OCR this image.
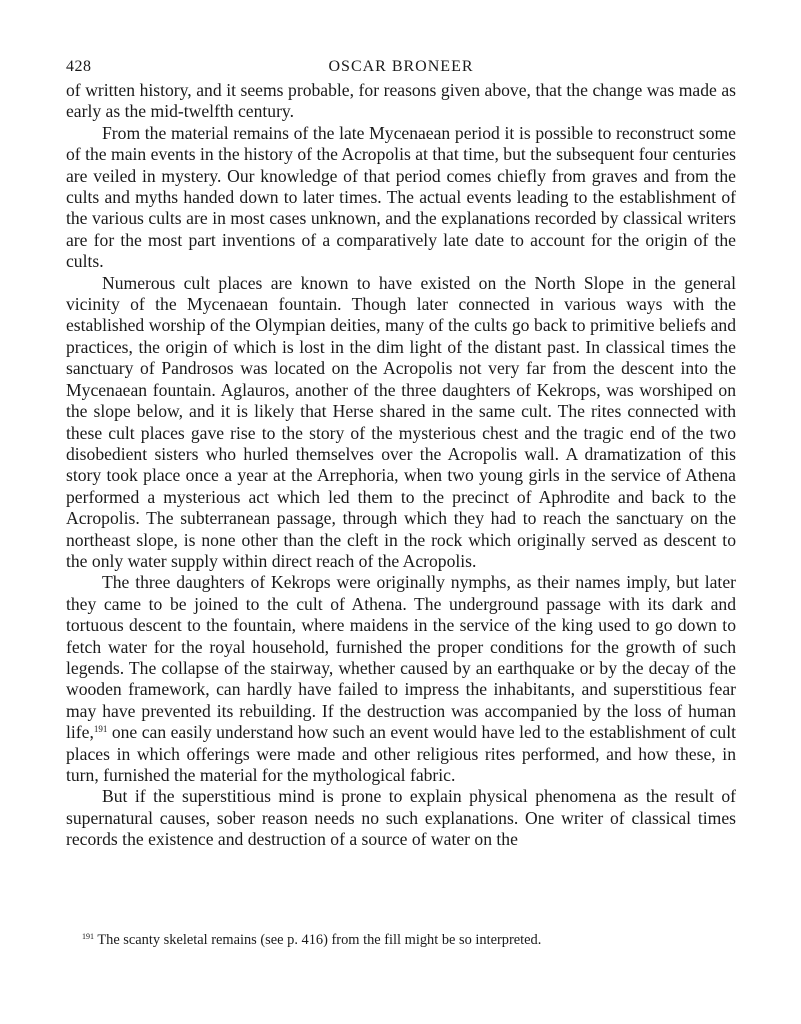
428	OSCAR BRONEER

of written history, and it seems probable, for reasons given above, that the change was made as early as the mid-twelfth century.

From the material remains of the late Mycenaean period it is possible to reconstruct some of the main events in the history of the Acropolis at that time, but the subsequent four centuries are veiled in mystery. Our knowledge of that period comes chiefly from graves and from the cults and myths handed down to later times. The actual events leading to the establishment of the various cults are in most cases unknown, and the explanations recorded by classical writers are for the most part inventions of a comparatively late date to account for the origin of the cults.

Numerous cult places are known to have existed on the North Slope in the general vicinity of the Mycenaean fountain. Though later connected in various ways with the established worship of the Olympian deities, many of the cults go back to primitive beliefs and practices, the origin of which is lost in the dim light of the distant past. In classical times the sanctuary of Pandrosos was located on the Acropolis not very far from the descent into the Mycenaean fountain. Aglauros, another of the three daughters of Kekrops, was worshiped on the slope below, and it is likely that Herse shared in the same cult. The rites connected with these cult places gave rise to the story of the mysterious chest and the tragic end of the two disobedient sisters who hurled themselves over the Acropolis wall. A dramatization of this story took place once a year at the Arrephoria, when two young girls in the service of Athena performed a mysterious act which led them to the precinct of Aphrodite and back to the Acropolis. The subterranean passage, through which they had to reach the sanctuary on the northeast slope, is none other than the cleft in the rock which originally served as descent to the only water supply within direct reach of the Acropolis.

The three daughters of Kekrops were originally nymphs, as their names imply, but later they came to be joined to the cult of Athena. The underground passage with its dark and tortuous descent to the fountain, where maidens in the service of the king used to go down to fetch water for the royal household, furnished the proper conditions for the growth of such legends. The collapse of the stairway, whether caused by an earthquake or by the decay of the wooden framework, can hardly have failed to impress the inhabitants, and superstitious fear may have prevented its rebuilding. If the destruction was accompanied by the loss of human life,$^{191}$ one can easily understand how such an event would have led to the establishment of cult places in which offerings were made and other religious rites performed, and how these, in turn, furnished the material for the mythological fabric.

But if the superstitious mind is prone to explain physical phenomena as the result of supernatural causes, sober reason needs no such explanations. One writer of classical times records the existence and destruction of a source of water on the

$^{191}$ The scanty skeletal remains (see p. 416) from the fill might be so interpreted.
